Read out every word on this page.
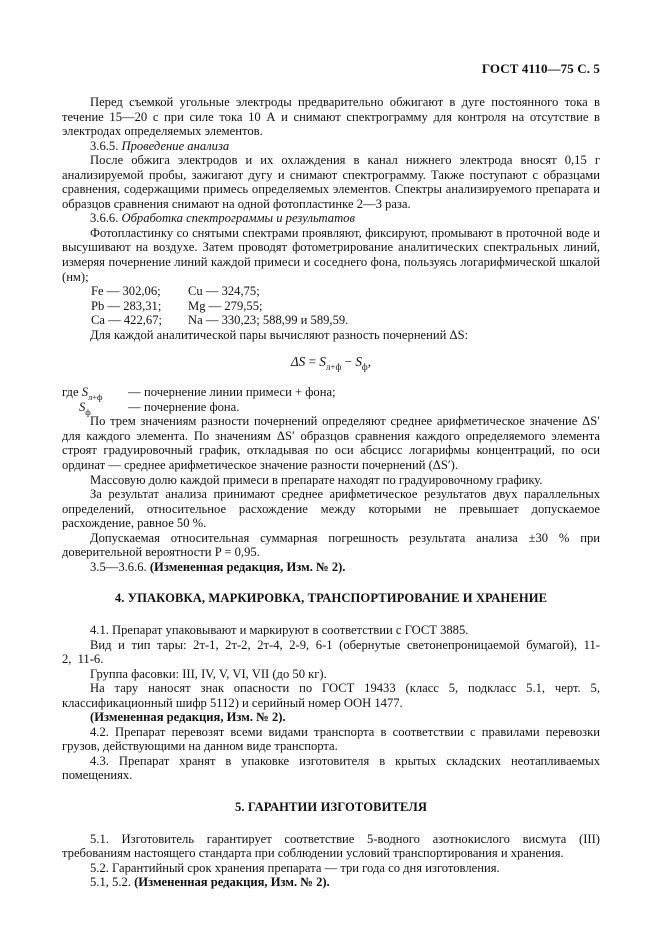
ГОСТ 4110—75 С. 5

Перед съемкой угольные электроды предварительно обжигают в дуге постоянного тока в течение 15—20 с при силе тока 10 А и снимают спектрограмму для контроля на отсутствие в электродах определяемых элементов.

3.6.5. Проведение анализа

После обжига электродов и их охлаждения в канал нижнего электрода вносят 0,15 г анализируемой пробы, зажигают дугу и снимают спектрограмму. Также поступают с образцами сравнения, содержащими примесь определяемых элементов. Спектры анализируемого препарата и образцов сравнения снимают на одной фотопластинке 2—3 раза.

3.6.6. Обработка спектрограммы и результатов

Фотопластинку со снятыми спектрами проявляют, фиксируют, промывают в проточной воде и высушивают на воздухе. Затем проводят фотометрирование аналитических спектральных линий, измеряя почернение линий каждой примеси и соседнего фона, пользуясь логарифмической шкалой (нм);

Fe — 302,06;	Cu — 324,75;
Pb — 283,31;	Mg — 279,55;
Ca — 422,67;	Na — 330,23; 588,99 и 589,59.

Для каждой аналитической пары вычисляют разность почернений ΔS:

$\Delta S = S_{л+ф} - S_ф$,
где $S_{л+ф}$ — почернение линии примеси + фона;
$S_ф$	— почернение фона.

По трем значениям разности почернений определяют среднее арифметическое значение ΔS′ для каждого элемента. По значениям ΔS′ образцов сравнения каждого определяемого элемента строят градуировочный график, откладывая по оси абсцисс логарифмы концентраций, по оси ординат — среднее арифметическое значение разности почернений (ΔS′).

Массовую долю каждой примеси в препарате находят по градуировочному графику.

За результат анализа принимают среднее арифметическое результатов двух параллельных определений, относительное расхождение между которыми не превышает допускаемое расхождение, равное 50 %.

Допускаемая относительная суммарная погрешность результата анализа ±30 % при доверительной вероятности P = 0,95.

3.5—3.6.6. (Измененная редакция, Изм. № 2).

4. УПАКОВКА, МАРКИРОВКА, ТРАНСПОРТИРОВАНИЕ И ХРАНЕНИЕ

4.1. Препарат упаковывают и маркируют в соответствии с ГОСТ 3885.

Вид и тип тары: 2т-1, 2т-2, 2т-4, 2-9, 6-1 (обернутые светонепроницаемой бумагой), 11-2, 11-6.

Группа фасовки: III, IV, V, VI, VII (до 50 кг).

На тару наносят знак опасности по ГОСТ 19433 (класс 5, подкласс 5.1, черт. 5, классификационный шифр 5112) и серийный номер ООН 1477.

(Измененная редакция, Изм. № 2).

4.2. Препарат перевозят всеми видами транспорта в соответствии с правилами перевозки грузов, действующими на данном виде транспорта.

4.3. Препарат хранят в упаковке изготовителя в крытых складских неотапливаемых помещениях.

5. ГАРАНТИИ ИЗГОТОВИТЕЛЯ

5.1. Изготовитель гарантирует соответствие 5-водного азотнокислого висмута (III) требованиям настоящего стандарта при соблюдении условий транспортирования и хранения.

5.2. Гарантийный срок хранения препарата — три года со дня изготовления.

5.1, 5.2. (Измененная редакция, Изм. № 2).
